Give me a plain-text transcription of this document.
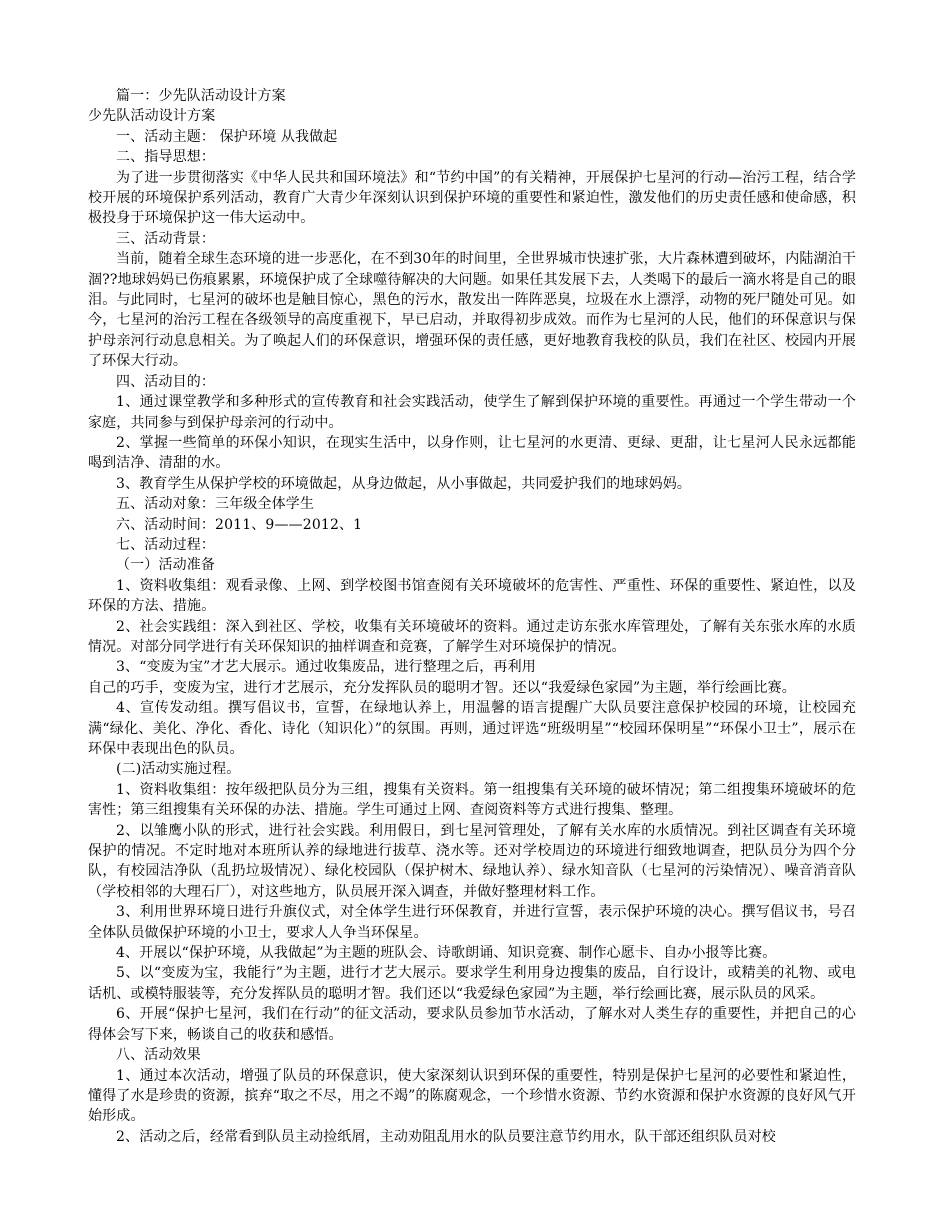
篇一：少先队活动设计方案

少先队活动设计方案

一、活动主题： 保护环境 从我做起

二、指导思想：

为了进一步贯彻落实《中华人民共和国环境法》和“节约中国”的有关精神，开展保护七星河的行动—治污工程，结合学校开展的环境保护系列活动，教育广大青少年深刻认识到保护环境的重要性和紧迫性，激发他们的历史责任感和使命感，积极投身于环境保护这一伟大运动中。

三、活动背景：

当前，随着全球生态环境的进一步恶化，在不到30年的时间里，全世界城市快速扩张，大片森林遭到破坏，内陆湖泊干涸??地球妈妈已伤痕累累，环境保护成了全球噬待解决的大问题。如果任其发展下去，人类喝下的最后一滴水将是自己的眼泪。与此同时，七星河的破坏也是触目惊心，黑色的污水，散发出一阵阵恶臭，垃圾在水上漂浮，动物的死尸随处可见。如今，七星河的治污工程在各级领导的高度重视下，早已启动，并取得初步成效。而作为七星河的人民，他们的环保意识与保护母亲河行动息息相关。为了唤起人们的环保意识，增强环保的责任感，更好地教育我校的队员，我们在社区、校园内开展了环保大行动。

四、活动目的：

1、通过课堂教学和多种形式的宣传教育和社会实践活动，使学生了解到保护环境的重要性。再通过一个学生带动一个家庭，共同参与到保护母亲河的行动中。

2、掌握一些简单的环保小知识，在现实生活中，以身作则，让七星河的水更清、更绿、更甜，让七星河人民永远都能喝到洁净、清甜的水。

3、教育学生从保护学校的环境做起，从身边做起，从小事做起，共同爱护我们的地球妈妈。

五、活动对象：三年级全体学生

六、活动时间：2011、9——2012、1

七、活动过程：

（一）活动准备

1、资料收集组：观看录像、上网、到学校图书馆查阅有关环境破坏的危害性、严重性、环保的重要性、紧迫性，以及环保的方法、措施。

2、社会实践组：深入到社区、学校，收集有关环境破坏的资料。通过走访东张水库管理处，了解有关东张水库的水质情况。对部分同学进行有关环保知识的抽样调查和竞赛，了解学生对环境保护的情况。

3、“变废为宝”才艺大展示。通过收集废品，进行整理之后，再利用

自己的巧手，变废为宝，进行才艺展示，充分发挥队员的聪明才智。还以“我爱绿色家园”为主题，举行绘画比赛。

4、宣传发动组。撰写倡议书，宣誓，在绿地认养上，用温馨的语言提醒广大队员要注意保护校园的环境，让校园充满“绿化、美化、净化、香化、诗化（知识化）”的氛围。再则，通过评选“班级明星”“校园环保明星”“环保小卫士”，展示在环保中表现出色的队员。

(二)活动实施过程。

1、资料收集组：按年级把队员分为三组，搜集有关资料。第一组搜集有关环境的破坏情况；第二组搜集环境破坏的危害性；第三组搜集有关环保的办法、措施。学生可通过上网、查阅资料等方式进行搜集、整理。

2、以雏鹰小队的形式，进行社会实践。利用假日，到七星河管理处，了解有关水库的水质情况。到社区调查有关环境保护的情况。不定时地对本班所认养的绿地进行拔草、浇水等。还对学校周边的环境进行细致地调查，把队员分为四个分队，有校园洁净队（乱扔垃圾情况）、绿化校园队（保护树木、绿地认养）、绿水知音队（七星河的污染情况）、噪音消音队（学校相邻的大理石厂），对这些地方，队员展开深入调查，并做好整理材料工作。

3、利用世界环境日进行升旗仪式，对全体学生进行环保教育，并进行宣誓，表示保护环境的决心。撰写倡议书，号召全体队员做保护环境的小卫士，要求人人争当环保星。

4、开展以“保护环境，从我做起”为主题的班队会、诗歌朗诵、知识竞赛、制作心愿卡、自办小报等比赛。

5、以“变废为宝，我能行”为主题，进行才艺大展示。要求学生利用身边搜集的废品，自行设计，或精美的礼物、或电话机、或模特服装等，充分发挥队员的聪明才智。我们还以“我爱绿色家园”为主题，举行绘画比赛，展示队员的风采。

6、开展“保护七星河，我们在行动”的征文活动，要求队员参加节水活动，了解水对人类生存的重要性，并把自己的心得体会写下来，畅谈自己的收获和感悟。

八、活动效果

1、通过本次活动，增强了队员的环保意识，使大家深刻认识到环保的重要性，特别是保护七星河的必要性和紧迫性，懂得了水是珍贵的资源，摈弃“取之不尽，用之不竭”的陈腐观念，一个珍惜水资源、节约水资源和保护水资源的良好风气开始形成。

2、活动之后，经常看到队员主动捡纸屑，主动劝阻乱用水的队员要注意节约用水，队干部还组织队员对校
